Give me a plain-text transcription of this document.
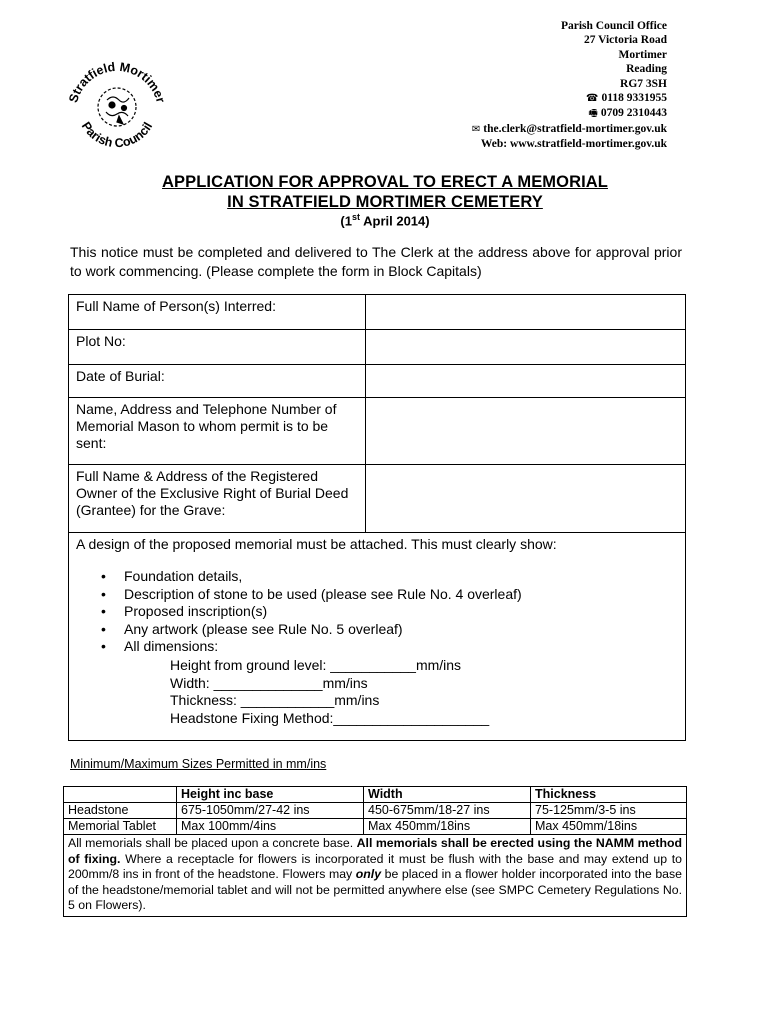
Stratfield Mortimer
Parish Council
Parish Council Office
27 Victoria Road
Mortimer
Reading
RG7 3SH
☎ 0118 9331955
🖷 0709 2310443
✉ the.clerk@stratfield-mortimer.gov.uk
Web: www.stratfield-mortimer.gov.uk
APPLICATION FOR APPROVAL TO ERECT A MEMORIAL
IN STRATFIELD MORTIMER CEMETERY
(1st April 2014)
This notice must be completed and delivered to The Clerk at the address above for approval prior to work commencing. (Please complete the form in Block Capitals)
Full Name of Person(s) Interred:	
Plot No:	
Date of Burial:	
Name, Address and Telephone Number of Memorial Mason to whom permit is to be sent:	
Full Name & Address of the Registered Owner of the Exclusive Right of Burial Deed (Grantee) for the Grave:	
A design of the proposed memorial must be attached. This must clearly show:
• Foundation details,
• Description of stone to be used (please see Rule No. 4 overleaf)
• Proposed inscription(s)
• Any artwork (please see Rule No. 5 overleaf)
• All dimensions:
Height from ground level: ___________mm/ins
Width: ______________mm/ins
Thickness: ____________mm/ins
Headstone Fixing Method:____________________
Minimum/Maximum Sizes Permitted in mm/ins
	Height inc base	Width	Thickness
Headstone	675-1050mm/27-42 ins	450-675mm/18-27 ins	75-125mm/3-5 ins
Memorial Tablet	Max 100mm/4ins	Max 450mm/18ins	Max 450mm/18ins
All memorials shall be placed upon a concrete base. All memorials shall be erected using the NAMM method of fixing. Where a receptacle for flowers is incorporated it must be flush with the base and may extend up to 200mm/8 ins in front of the headstone. Flowers may only be placed in a flower holder incorporated into the base of the headstone/memorial tablet and will not be permitted anywhere else (see SMPC Cemetery Regulations No. 5 on Flowers).			
